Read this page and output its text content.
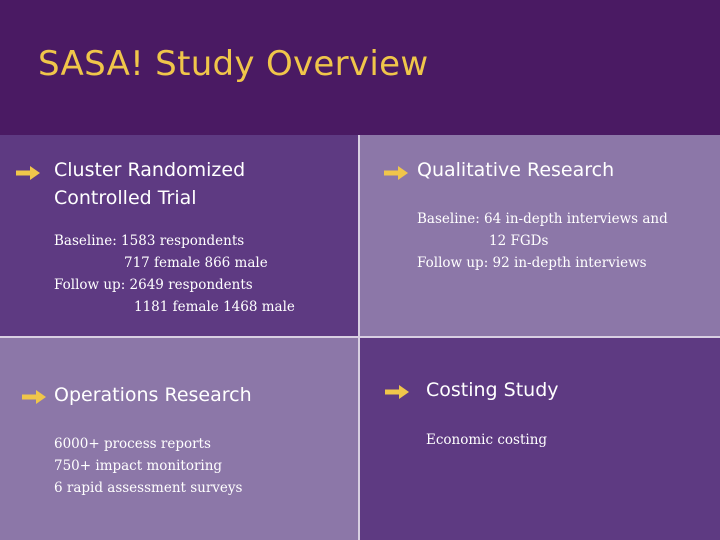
SASA! Study Overview
Cluster Randomized
Controlled Trial
Baseline: 1583 respondents
717 female 866 male
Follow up: 2649 respondents
1181 female 1468 male
Qualitative Research
Baseline: 64 in-depth interviews and
12 FGDs
Follow up: 92 in-depth interviews
Operations Research
6000+ process reports
750+ impact monitoring
6 rapid assessment surveys
Costing Study
Economic costing
